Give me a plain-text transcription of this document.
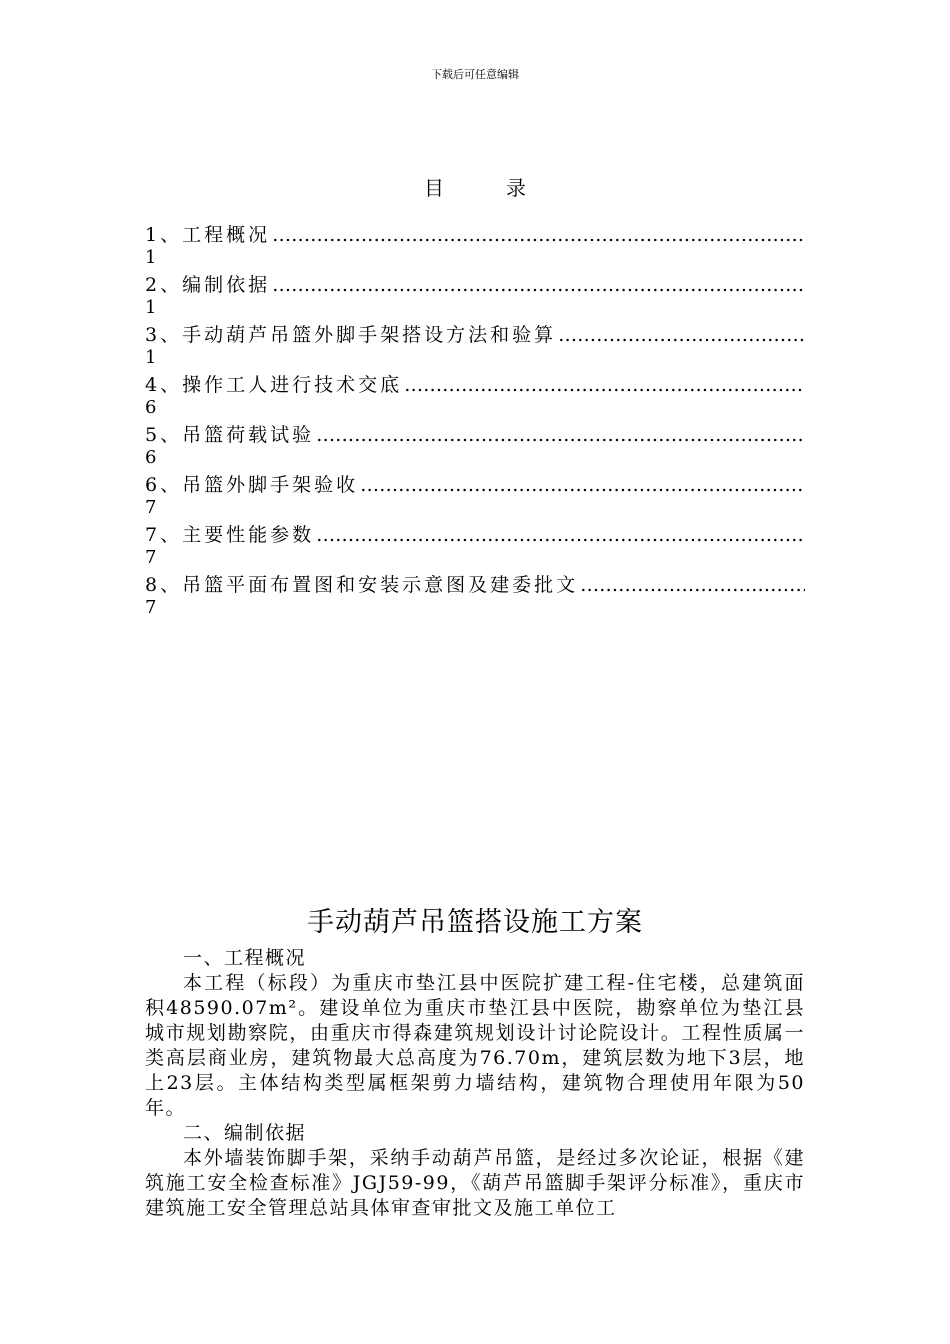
下载后可任意编辑
目	录
1、工程概况 …………………………………………………………………………………………………………………………………………
1
2、编制依据 …………………………………………………………………………………………………………………………………………
1
3、手动葫芦吊篮外脚手架搭设方法和验算 …………………………………………………………………………………………………………………………………………
1
4、操作工人进行技术交底 …………………………………………………………………………………………………………………………………………
6
5、吊篮荷载试验 …………………………………………………………………………………………………………………………………………
6
6、吊篮外脚手架验收 …………………………………………………………………………………………………………………………………………
7
7、主要性能参数 …………………………………………………………………………………………………………………………………………
7
8、吊篮平面布置图和安装示意图及建委批文 …………………………………………………………………………………………………………………………………………
7
手动葫芦吊篮搭设施工方案
一、工程概况

本工程（标段）为重庆市垫江县中医院扩建工程-住宅楼，总建筑面积48590.07m²。建设单位为重庆市垫江县中医院，勘察单位为垫江县城市规划勘察院，由重庆市得森建筑规划设计讨论院设计。工程性质属一类高层商业房，建筑物最大总高度为76.70m，建筑层数为地下3层，地上23层。主体结构类型属框架剪力墙结构，建筑物合理使用年限为50年。

二、编制依据

本外墙装饰脚手架，采纳手动葫芦吊篮，是经过多次论证，根据《建筑施工安全检查标准》JGJ59-99，《葫芦吊篮脚手架评分标准》，重庆市建筑施工安全管理总站具体审查审批文及施工单位工
